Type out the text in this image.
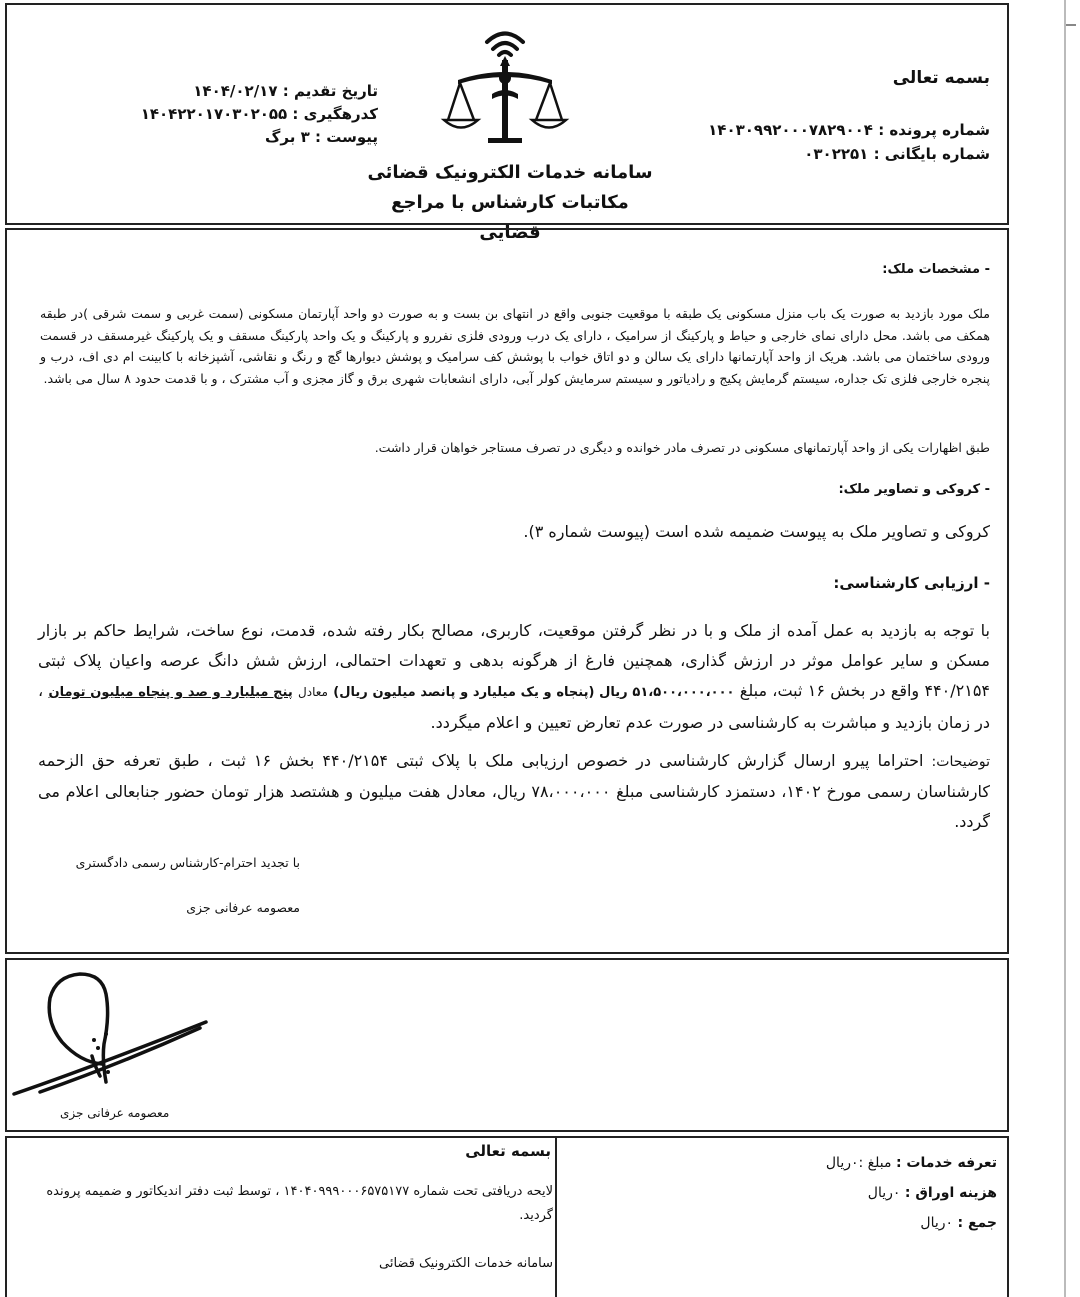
بسمه تعالی
شماره پرونده : ۱۴۰۳۰۹۹۲۰۰۰۷۸۲۹۰۰۴
شماره بایگانی : ۰۳۰۲۲۵۱
تاریخ تقدیم : ۱۴۰۴/۰۲/۱۷
کدرهگیری : ۱۴۰۴۲۲۰۱۷۰۳۰۲۰۵۵
پیوست : ۳ برگ
سامانه خدمات الکترونیک قضائی
مکاتبات کارشناس با مراجع قضایی
- مشخصات ملک:
ملک مورد بازدید به صورت یک باب منزل مسکونی یک طبقه با موقعیت جنوبی واقع در انتهای بن بست و به صورت دو واحد آپارتمان مسکونی (سمت غربی و سمت شرقی )در طبقه همکف می باشد. محل دارای نمای خارجی و حیاط و پارکینگ از سرامیک ، دارای یک درب ورودی فلزی نفررو و پارکینگ و یک واحد پارکینگ مسقف و یک پارکینگ غیرمسقف در قسمت ورودی ساختمان می باشد. هریک از واحد آپارتمانها دارای یک سالن و دو اتاق خواب با پوشش کف سرامیک و پوشش دیوارها گچ و رنگ و نقاشی، آشپزخانه با کابینت ام دی اف، درب و پنجره خارجی فلزی تک جداره، سیستم گرمایش پکیج و رادیاتور و سیستم سرمایش کولر آبی، دارای انشعابات شهری برق و گاز مجزی و آب مشترک ، و با قدمت حدود ۸ سال می باشد.
طبق اظهارات یکی از واحد آپارتمانهای مسکونی در تصرف مادر خوانده و دیگری در تصرف مستاجر خواهان قرار داشت.
- کروکی و تصاویر ملک:
کروکی و تصاویر ملک به پیوست ضمیمه شده است (پیوست شماره ۳).
- ارزیابی کارشناسی:
با توجه به بازدید به عمل آمده از ملک و با در نظر گرفتن موقعیت، کاربری، مصالح بکار رفته شده، قدمت، نوع ساخت، شرایط حاکم بر بازار مسکن و سایر عوامل موثر در ارزش گذاری، همچنین فارغ از هرگونه بدهی و تعهدات احتمالی، ارزش شش دانگ عرصه واعیان پلاک ثبتی ۴۴۰/۲۱۵۴ واقع در بخش ۱۶ ثبت، مبلغ ۵۱،۵۰۰،۰۰۰،۰۰۰ ریال (پنجاه و یک میلیارد و پانصد میلیون ریال) معادل پنج میلیارد و صد و پنجاه میلیون تومان ، در زمان بازدید و مباشرت به کارشناسی در صورت عدم تعارض تعیین و اعلام میگردد.
توضیحات: احتراما پیرو ارسال گزارش کارشناسی در خصوص ارزیابی ملک با پلاک ثبتی ۴۴۰/۲۱۵۴ بخش ۱۶ ثبت ، طبق تعرفه حق الزحمه کارشناسان رسمی مورخ ۱۴۰۲، دستمزد کارشناسی مبلغ ۷۸،۰۰۰،۰۰۰ ریال، معادل هفت میلیون و هشتصد هزار تومان حضور جنابعالی اعلام می گردد.
با تجدید احترام-کارشناس رسمی دادگستری
معصومه عرفانی جزی
معصومه عرفانی جزی
بسمه تعالی
لایحه دریافتی تحت شماره ۱۴۰۴۰۹۹۹۰۰۰۶۵۷۵۱۷۷ ، توسط ثبت دفتر اندیکاتور و ضمیمه پرونده گردید.
سامانه خدمات الکترونیک قضائی
تعرفه خدمات : مبلغ :۰ریال
هزینه اوراق : ۰ریال
جمع : ۰ریال
